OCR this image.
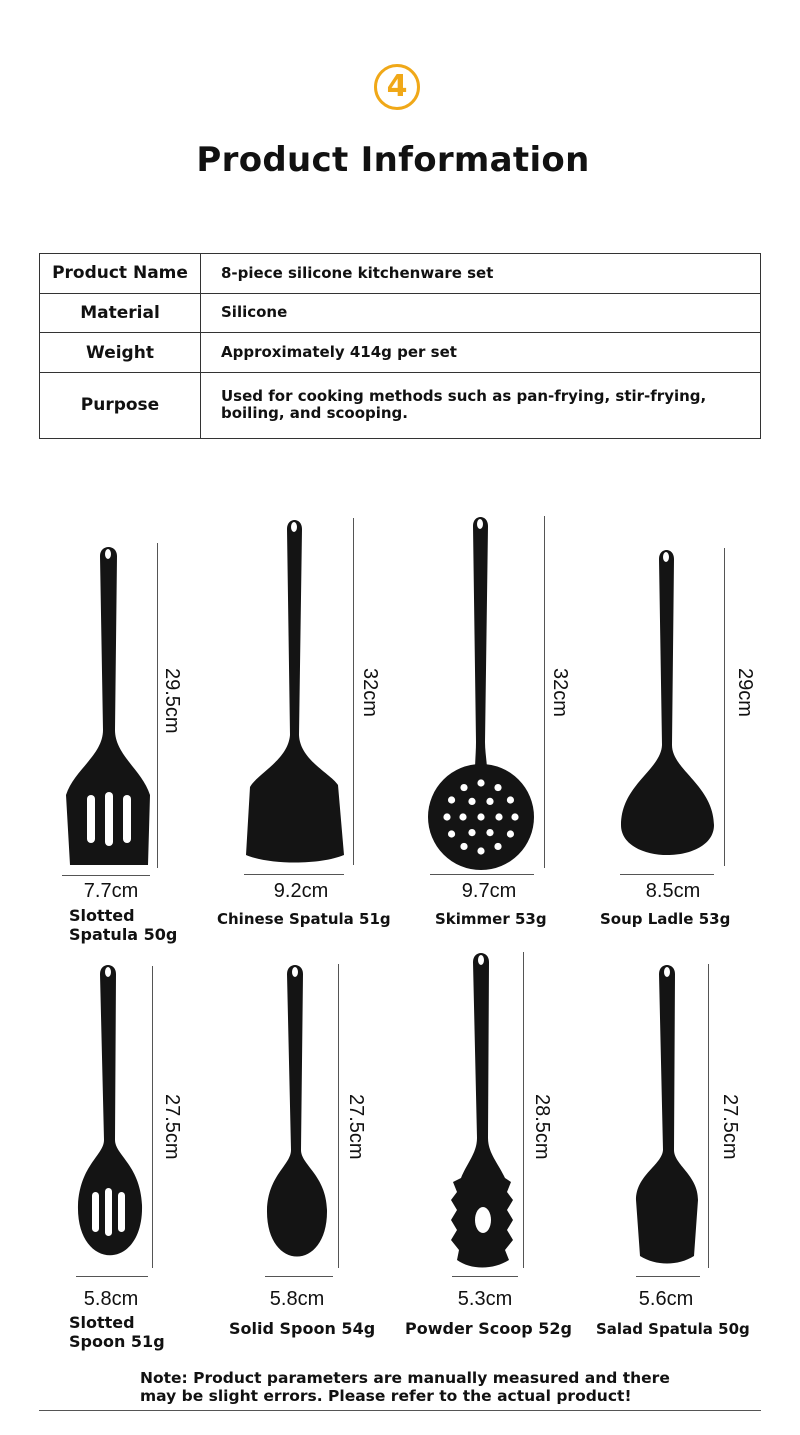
4
Product Information
Product Name	8-piece silicone kitchenware set
Material	Silicone
Weight	Approximately 414g per set
Purpose	Used for cooking methods such as pan-frying, stir-frying, boiling, and scooping.
29.5cm
7.7cm
Slotted Spatula 50g
32cm
9.2cm
Chinese Spatula 51g
32cm
9.7cm
Skimmer 53g
29cm
8.5cm
Soup Ladle 53g
27.5cm
5.8cm
Slotted Spoon 51g
27.5cm
5.8cm
Solid Spoon 54g
28.5cm
5.3cm
Powder Scoop 52g
27.5cm
5.6cm
Salad Spatula 50g
Note: Product parameters are manually measured and there may be slight errors. Please refer to the actual product!
